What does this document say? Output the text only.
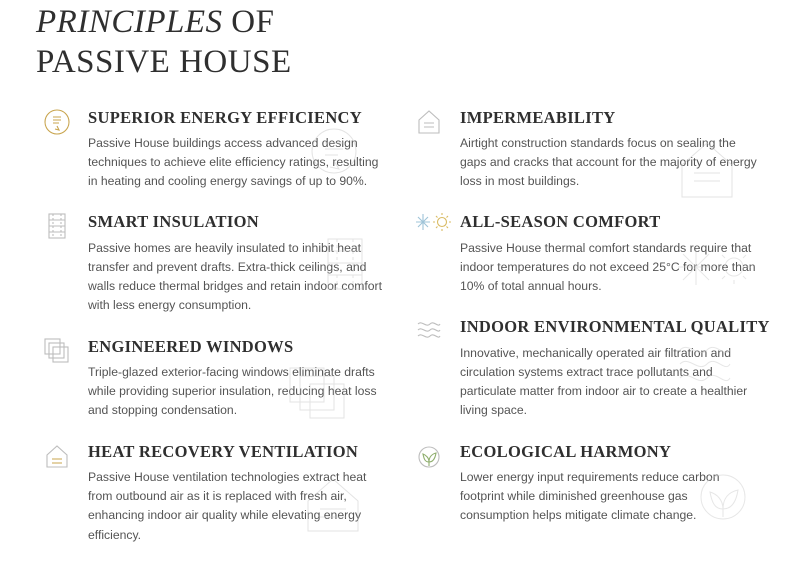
PRINCIPLES OF
PASSIVE HOUSE
SUPERIOR ENERGY EFFICIENCY

Passive House buildings access advanced design techniques to achieve elite efficiency ratings, resulting in heating and cooling energy savings of up to 90%.

SMART INSULATION

Passive homes are heavily insulated to inhibit heat transfer and prevent drafts. Extra-thick ceilings, and walls reduce thermal bridges and retain indoor comfort with less energy consumption.

ENGINEERED WINDOWS

Triple-glazed exterior-facing windows eliminate drafts while providing superior insulation, reducing heat loss and stopping condensation.

HEAT RECOVERY VENTILATION

Passive House ventilation technologies extract heat from outbound air as it is replaced with fresh air, enhancing indoor air quality while elevating energy efficiency.

IMPERMEABILITY

Airtight construction standards focus on sealing the gaps and cracks that account for the majority of energy loss in most buildings.

ALL-SEASON COMFORT

Passive House thermal comfort standards require that indoor temperatures do not exceed 25°C for more than 10% of total annual hours.

INDOOR ENVIRONMENTAL QUALITY

Innovative, mechanically operated air filtration and circulation systems extract trace pollutants and particulate matter from indoor air to create a healthier living space.

ECOLOGICAL HARMONY

Lower energy input requirements reduce carbon footprint while diminished greenhouse gas consumption helps mitigate climate change.
